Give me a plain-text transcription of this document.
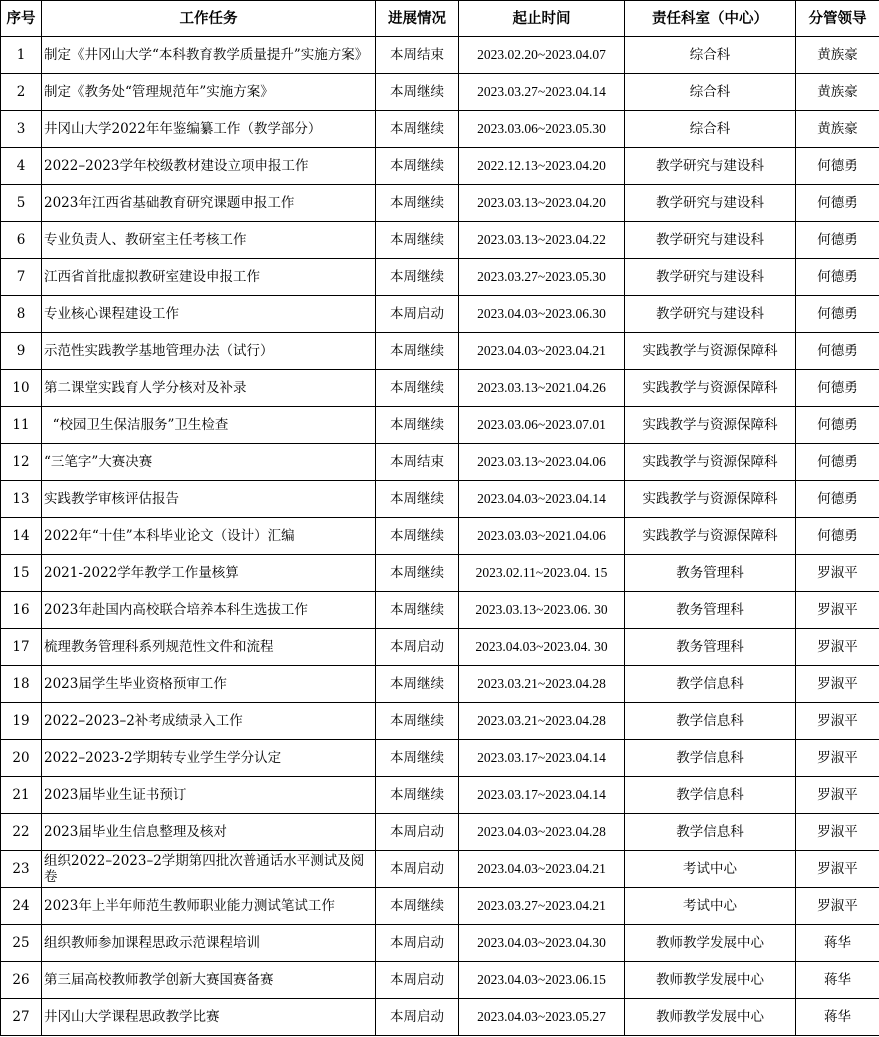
序号	工作任务	进展情况	起止时间	责任科室（中心）	分管领导
1	制定《井冈山大学“本科教育教学质量提升”实施方案》	本周结束	2023.02.20~2023.04.07	综合科	黄族豪
2	制定《教务处“管理规范年”实施方案》	本周继续	2023.03.27~2023.04.14	综合科	黄族豪
3	井冈山大学2022年年鉴编纂工作（教学部分）	本周继续	2023.03.06~2023.05.30	综合科	黄族豪
4	2022–2023学年校级教材建设立项申报工作	本周继续	2022.12.13~2023.04.20	教学研究与建设科	何德勇
5	2023年江西省基础教育研究课题申报工作	本周继续	2023.03.13~2023.04.20	教学研究与建设科	何德勇
6	专业负责人、教研室主任考核工作	本周继续	2023.03.13~2023.04.22	教学研究与建设科	何德勇
7	江西省首批虚拟教研室建设申报工作	本周继续	2023.03.27~2023.05.30	教学研究与建设科	何德勇
8	专业核心课程建设工作	本周启动	2023.04.03~2023.06.30	教学研究与建设科	何德勇
9	示范性实践教学基地管理办法（试行）	本周继续	2023.04.03~2023.04.21	实践教学与资源保障科	何德勇
10	第二课堂实践育人学分核对及补录	本周继续	2023.03.13~2021.04.26	实践教学与资源保障科	何德勇
11	“校园卫生保洁服务”卫生检查	本周继续	2023.03.06~2023.07.01	实践教学与资源保障科	何德勇
12	“三笔字”大赛决赛	本周结束	2023.03.13~2023.04.06	实践教学与资源保障科	何德勇
13	实践教学审核评估报告	本周继续	2023.04.03~2023.04.14	实践教学与资源保障科	何德勇
14	2022年“十佳”本科毕业论文（设计）汇编	本周继续	2023.03.03~2021.04.06	实践教学与资源保障科	何德勇
15	2021-2022学年教学工作量核算	本周继续	2023.02.11~2023.04. 15	教务管理科	罗淑平
16	2023年赴国内高校联合培养本科生选拔工作	本周继续	2023.03.13~2023.06. 30	教务管理科	罗淑平
17	梳理教务管理科系列规范性文件和流程	本周启动	2023.04.03~2023.04. 30	教务管理科	罗淑平
18	2023届学生毕业资格预审工作	本周继续	2023.03.21~2023.04.28	教学信息科	罗淑平
19	2022–2023–2补考成绩录入工作	本周继续	2023.03.21~2023.04.28	教学信息科	罗淑平
20	2022–2023-2学期转专业学生学分认定	本周继续	2023.03.17~2023.04.14	教学信息科	罗淑平
21	2023届毕业生证书预订	本周继续	2023.03.17~2023.04.14	教学信息科	罗淑平
22	2023届毕业生信息整理及核对	本周启动	2023.04.03~2023.04.28	教学信息科	罗淑平
23	组织2022–2023–2学期第四批次普通话水平测试及阅卷	本周启动	2023.04.03~2023.04.21	考试中心	罗淑平
24	2023年上半年师范生教师职业能力测试笔试工作	本周继续	2023.03.27~2023.04.21	考试中心	罗淑平
25	组织教师参加课程思政示范课程培训	本周启动	2023.04.03~2023.04.30	教师教学发展中心	蒋华
26	第三届高校教师教学创新大赛国赛备赛	本周启动	2023.04.03~2023.06.15	教师教学发展中心	蒋华
27	井冈山大学课程思政教学比赛	本周启动	2023.04.03~2023.05.27	教师教学发展中心	蒋华
